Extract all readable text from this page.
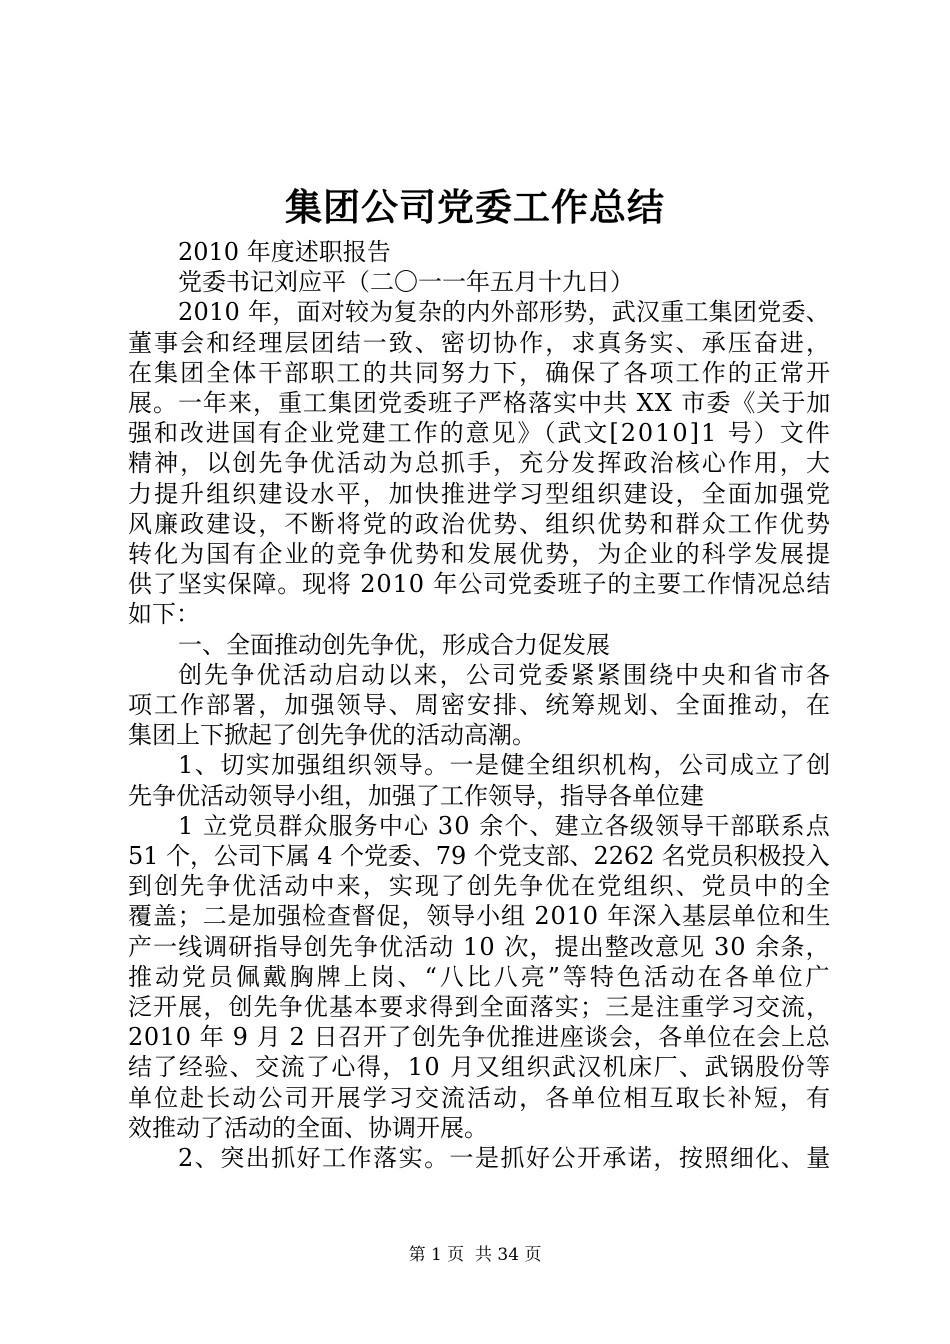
集团公司党委工作总结
2010 年度述职报告
党委书记刘应平（二〇一一年五月十九日）
2010 年，面对较为复杂的内外部形势，武汉重工集团党委、
董事会和经理层团结一致、密切协作，求真务实、承压奋进，
在集团全体干部职工的共同努力下，确保了各项工作的正常开
展。一年来，重工集团党委班子严格落实中共 XX 市委《关于加
强和改进国有企业党建工作的意见》（武文[2010]1 号）文件
精神，以创先争优活动为总抓手，充分发挥政治核心作用，大
力提升组织建设水平，加快推进学习型组织建设，全面加强党
风廉政建设，不断将党的政治优势、组织优势和群众工作优势
转化为国有企业的竞争优势和发展优势，为企业的科学发展提
供了坚实保障。现将 2010 年公司党委班子的主要工作情况总结
如下：
一、全面推动创先争优，形成合力促发展
创先争优活动启动以来，公司党委紧紧围绕中央和省市各
项工作部署，加强领导、周密安排、统筹规划、全面推动，在
集团上下掀起了创先争优的活动高潮。
1、切实加强组织领导。一是健全组织机构，公司成立了创
先争优活动领导小组，加强了工作领导，指导各单位建
1 立党员群众服务中心 30 余个、建立各级领导干部联系点
51 个，公司下属 4 个党委、79 个党支部、2262 名党员积极投入
到创先争优活动中来，实现了创先争优在党组织、党员中的全
覆盖；二是加强检查督促，领导小组 2010 年深入基层单位和生
产一线调研指导创先争优活动 10 次，提出整改意见 30 余条，
推动党员佩戴胸牌上岗、“八比八亮”等特色活动在各单位广
泛开展，创先争优基本要求得到全面落实；三是注重学习交流，
2010 年 9 月 2 日召开了创先争优推进座谈会，各单位在会上总
结了经验、交流了心得，10 月又组织武汉机床厂、武锅股份等
单位赴长动公司开展学习交流活动，各单位相互取长补短，有
效推动了活动的全面、协调开展。
2、突出抓好工作落实。一是抓好公开承诺，按照细化、量
第 1 页  共 34 页
